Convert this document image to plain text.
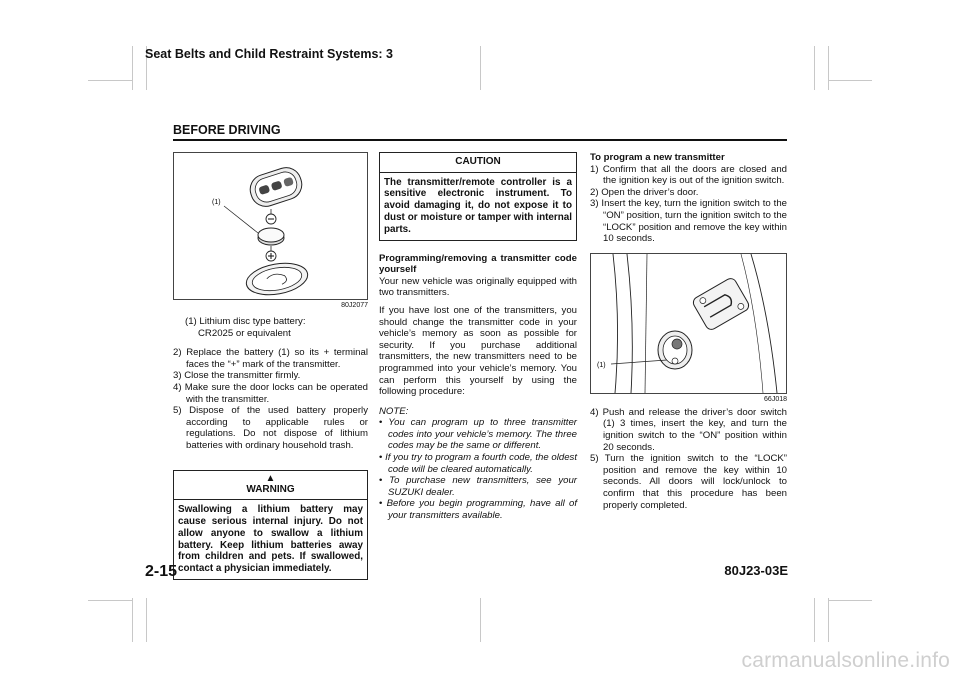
Seat Belts and Child Restraint Systems: 3
BEFORE DRIVING
(1)
80J2077
(1) Lithium disc type battery:
CR2025 or equivalent
2) Replace the battery (1) so its + terminal faces the “+” mark of the transmitter.
3) Close the transmitter firmly.
4) Make sure the door locks can be operated with the transmitter.
5) Dispose of the used battery properly according to applicable rules or regulations. Do not dispose of lithium batteries with ordinary household trash.
▲
WARNING
Swallowing a lithium battery may cause serious internal injury. Do not allow anyone to swallow a lithium battery. Keep lithium batteries away from children and pets. If swallowed, contact a physician immediately.
CAUTION
The transmitter/remote controller is a sensitive electronic instrument. To avoid damaging it, do not expose it to dust or moisture or tamper with internal parts.
Programming/removing a transmitter code yourself

Your new vehicle was originally equipped with two transmitters.

If you have lost one of the transmitters, you should change the transmitter code in your vehicle’s memory as soon as possible for security. If you purchase additional transmitters, the new transmitters need to be programmed into your vehicle’s memory. You can perform this yourself by using the following procedure:

NOTE:
• You can program up to three transmitter codes into your vehicle’s memory. The three codes may be the same or different.
• If you try to program a fourth code, the oldest code will be cleared automatically.
• To purchase new transmitters, see your SUZUKI dealer.
• Before you begin programming, have all of your transmitters available.
To program a new transmitter
1) Confirm that all the doors are closed and the ignition key is out of the ignition switch.
2) Open the driver’s door.
3) Insert the key, turn the ignition switch to the “ON” position, turn the ignition switch to the “LOCK” position and remove the key within 10 seconds.
(1)
66J018
4) Push and release the driver’s door switch (1) 3 times, insert the key, and turn the ignition switch to the “ON” position within 20 seconds.
5) Turn the ignition switch to the “LOCK” position and remove the key within 10 seconds. All doors will lock/unlock to confirm that this procedure has been properly completed.
2-15	80J23-03E
carmanualsonline.info
